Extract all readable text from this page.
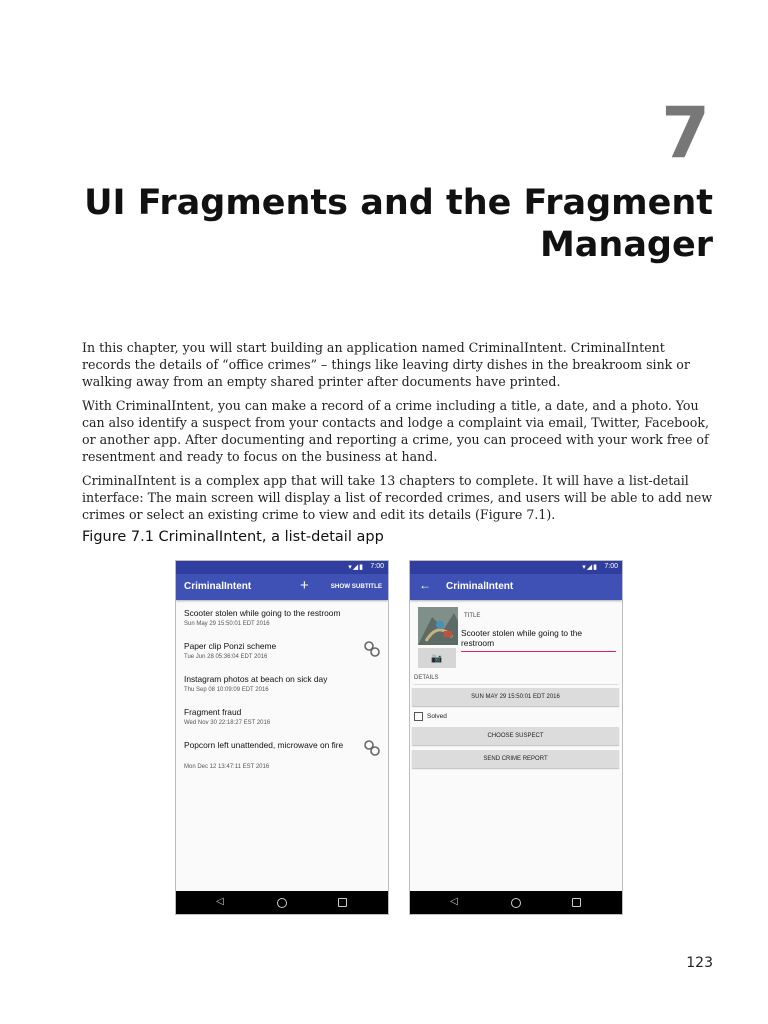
7
UI Fragments and the Fragment
Manager

In this chapter, you will start building an application named CriminalIntent. CriminalIntent records the details of “office crimes” – things like leaving dirty dishes in the breakroom sink or walking away from an empty shared printer after documents have printed.

With CriminalIntent, you can make a record of a crime including a title, a date, and a photo. You can also identify a suspect from your contacts and lodge a complaint via email, Twitter, Facebook, or another app. After documenting and reporting a crime, you can proceed with your work free of resentment and ready to focus on the business at hand.

CriminalIntent is a complex app that will take 13 chapters to complete. It will have a list-detail interface: The main screen will display a list of recorded crimes, and users will be able to add new crimes or select an existing crime to view and edit its details (Figure 7.1).

Figure 7.1 CriminalIntent, a list-detail app
▾◢▮ 7:00
CriminalIntent	+	SHOW SUBTITLE
Scooter stolen while going to the restroom
Sun May 29 15:50:01 EDT 2016
Paper clip Ponzi scheme
Tue Jun 28 05:36:04 EDT 2016
Instagram photos at beach on sick day
Thu Sep 08 10:09:09 EDT 2016
Fragment fraud
Wed Nov 30 22:18:27 EST 2016
Popcorn left unattended, microwave on fire
Mon Dec 12 13:47:11 EST 2016
◁
▾◢▮ 7:00
← CriminalIntent
📷
TITLE
Scooter stolen while going to the restroom
DETAILS
SUN MAY 29 15:50:01 EDT 2016
Solved
CHOOSE SUSPECT
SEND CRIME REPORT
◁
123
